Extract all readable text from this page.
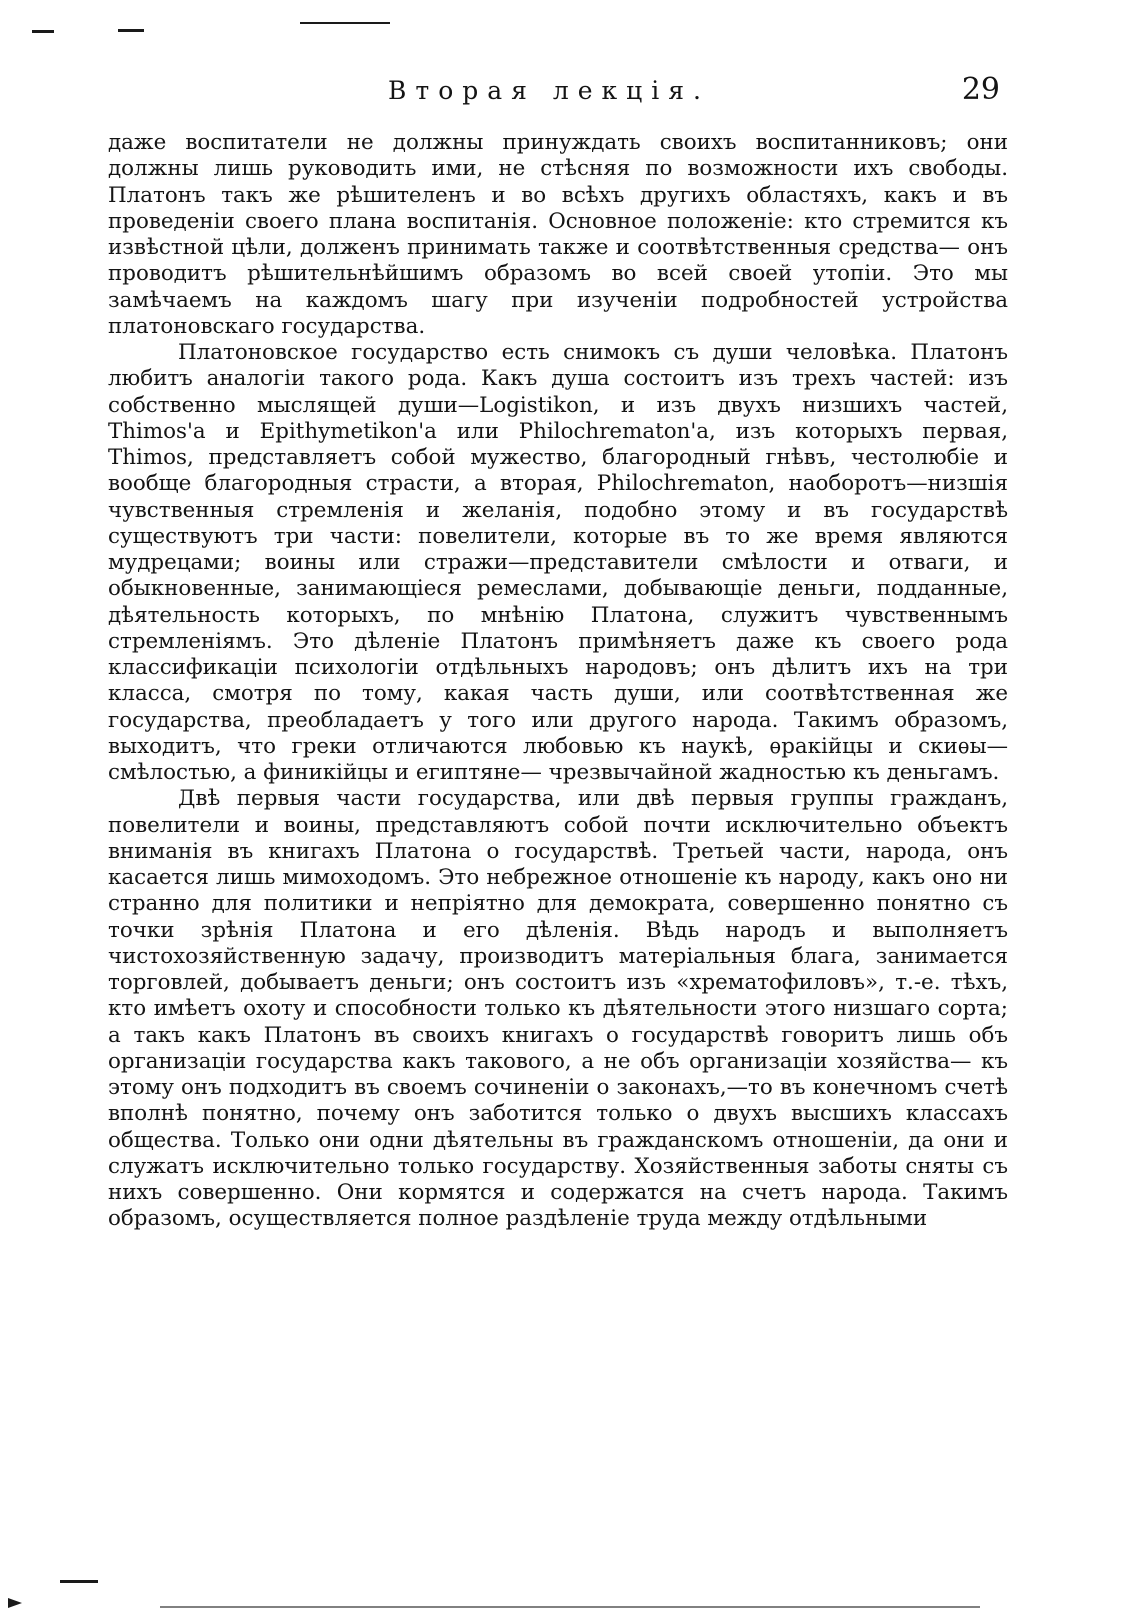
Вторая лекція.	29

даже воспитатели не должны принуждать своихъ воспитанниковъ; они должны лишь руководить ими, не стѣсняя по возможности ихъ свободы. Платонъ такъ же рѣшителенъ и во всѣхъ другихъ областяхъ, какъ и въ проведеніи своего плана воспитанія. Основное положеніе: кто стремится къ извѣстной цѣли, долженъ принимать также и соотвѣтственныя средства— онъ проводитъ рѣшительнѣйшимъ образомъ во всей своей утопіи. Это мы замѣчаемъ на каждомъ шагу при изученіи подробностей устройства платоновскаго государства.

Платоновское государство есть снимокъ съ души человѣка. Платонъ любитъ аналогіи такого рода. Какъ душа состоитъ изъ трехъ частей: изъ собственно мыслящей души—Logistikon, и изъ двухъ низшихъ частей, Thimos'a и Epithymetikon'a или Philochrematon'a, изъ которыхъ первая, Thimos, представляетъ собой мужество, благородный гнѣвъ, честолюбіе и вообще благородныя страсти, а вторая, Philochrematon, наоборотъ—низшія чувственныя стремленія и желанія, подобно этому и въ государствѣ существуютъ три части: повелители, которые въ то же время являются мудрецами; воины или стражи—представители смѣлости и отваги, и обыкновенные, занимающіеся ремеслами, добывающіе деньги, подданные, дѣятельность которыхъ, по мнѣнію Платона, служитъ чувственнымъ стремленіямъ. Это дѣленіе Платонъ примѣняетъ даже къ своего рода классификаціи психологіи отдѣльныхъ народовъ; онъ дѣлитъ ихъ на три класса, смотря по тому, какая часть души, или соотвѣтственная же государства, преобладаетъ у того или другого народа. Такимъ образомъ, выходитъ, что греки отличаются любовью къ наукѣ, ѳракійцы и скиѳы—смѣлостью, а финикійцы и египтяне— чрезвычайной жадностью къ деньгамъ.

Двѣ первыя части государства, или двѣ первыя группы гражданъ, повелители и воины, представляютъ собой почти исключительно объектъ вниманія въ книгахъ Платона о государствѣ. Третьей части, народа, онъ касается лишь мимоходомъ. Это небрежное отношеніе къ народу, какъ оно ни странно для политики и непріятно для демократа, совершенно понятно съ точки зрѣнія Платона и его дѣленія. Вѣдь народъ и выполняетъ чистохозяйственную задачу, производитъ матеріальныя блага, занимается торговлей, добываетъ деньги; онъ состоитъ изъ «хрематофиловъ», т.-е. тѣхъ, кто имѣетъ охоту и способности только къ дѣятельности этого низшаго сорта; а такъ какъ Платонъ въ своихъ книгахъ о государствѣ говоритъ лишь объ организаціи государства какъ такового, а не объ организаціи хозяйства— къ этому онъ подходитъ въ своемъ сочиненіи о законахъ,—то въ конечномъ счетѣ вполнѣ понятно, почему онъ заботится только о двухъ высшихъ классахъ общества. Только они одни дѣятельны въ гражданскомъ отношеніи, да они и служатъ исключительно только государству. Хозяйственныя заботы сняты съ нихъ совершенно. Они кормятся и содержатся на счетъ народа. Такимъ образомъ, осуществляется полное раздѣленіе труда между отдѣльными
